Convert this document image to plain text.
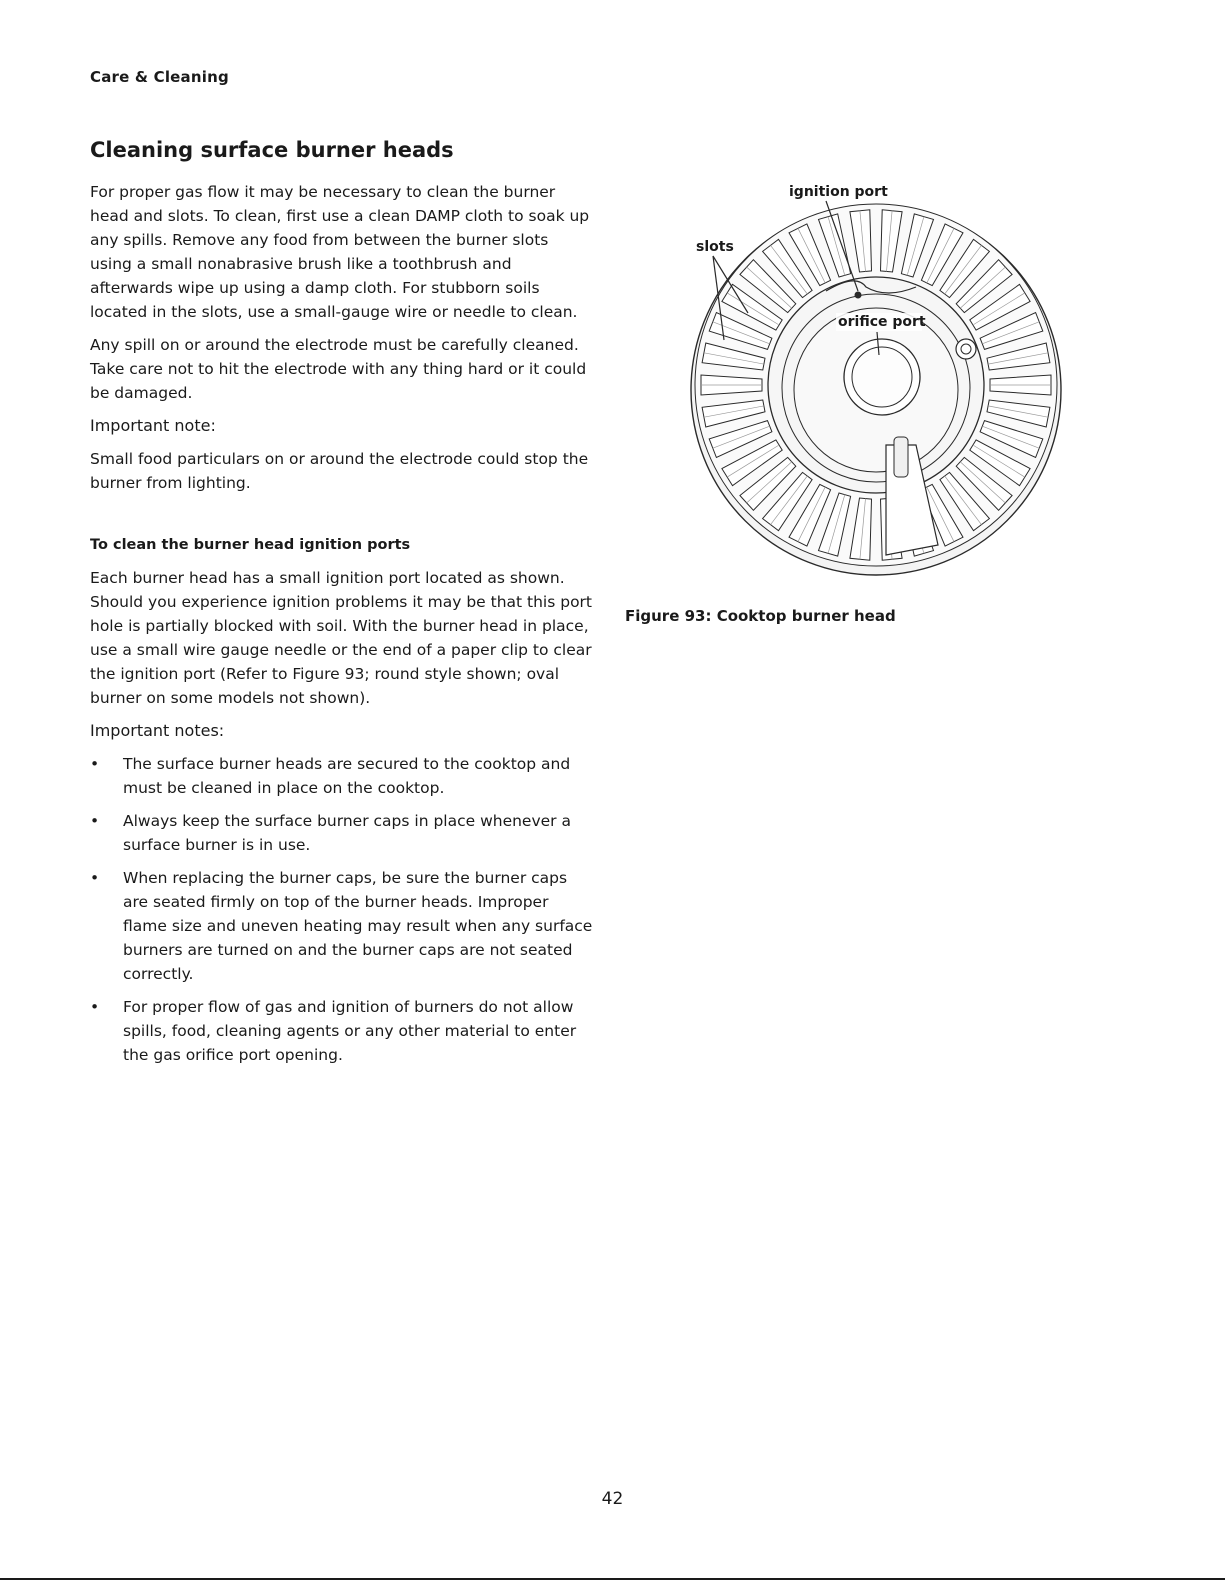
Care & Cleaning
Cleaning surface burner heads

For proper gas flow it may be necessary to clean the burner head and slots. To clean, first use a clean DAMP cloth to soak up any spills. Remove any food from between the burner slots using a small nonabrasive brush like a toothbrush and afterwards wipe up using a damp cloth. For stubborn soils located in the slots, use a small-gauge wire or needle to clean.

Any spill on or around the electrode must be carefully cleaned. Take care not to hit the electrode with any thing hard or it could be damaged.

Important note:

Small food particulars on or around the electrode could stop the burner from lighting.

To clean the burner head ignition ports

Each burner head has a small ignition port located as shown. Should you experience ignition problems it may be that this port hole is partially blocked with soil. With the burner head in place, use a small wire gauge needle or the end of a paper clip to clear the ignition port (Refer to Figure 93; round style shown; oval burner on some models not shown).

Important notes:

• The surface burner heads are secured to the cooktop and must be cleaned in place on the cooktop.
• Always keep the surface burner caps in place whenever a surface burner is in use.
• When replacing the burner caps, be sure the burner caps are seated firmly on top of the burner heads. Improper flame size and uneven heating may result when any surface burners are turned on and the burner caps are not seated correctly.
• For proper flow of gas and ignition of burners do not allow spills, food, cleaning agents or any other material to enter the gas orifice port opening.
ignition port
slots
orifice port
Figure 93: Cooktop burner head
42
